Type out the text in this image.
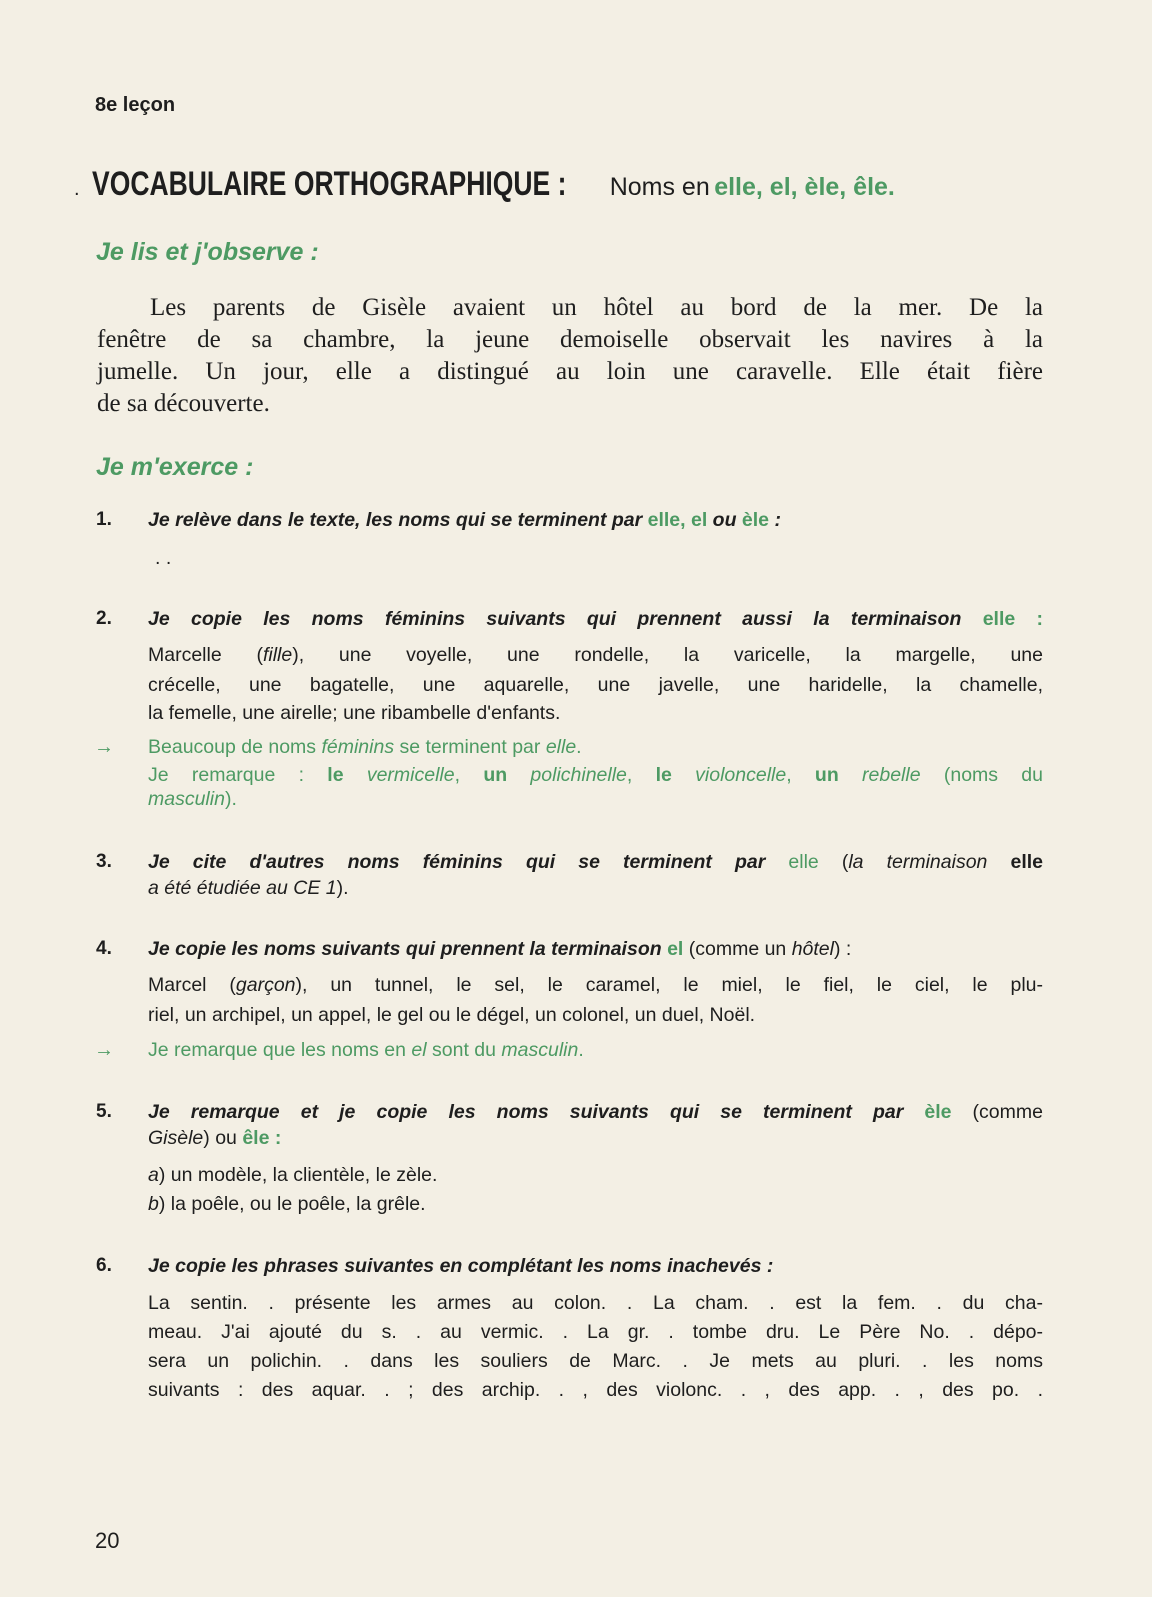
8e leçon
. VOCABULAIRE ORTHOGRAPHIQUE : Noms en elle, el, èle, êle.
Je lis et j'observe :
Les parents de Gisèle avaient un hôtel au bord de la mer. De la
fenêtre de sa chambre, la jeune demoiselle observait les navires à la
jumelle. Un jour, elle a distingué au loin une caravelle. Elle était fière
de sa découverte.
Je m'exerce :
1. Je relève dans le texte, les noms qui se terminent par elle, el ou èle :
. .
2. Je copie les noms féminins suivants qui prennent aussi la terminaison elle :
Marcelle (fille), une voyelle, une rondelle, la varicelle, la margelle, une
crécelle, une bagatelle, une aquarelle, une javelle, une haridelle, la chamelle,
la femelle, une airelle; une ribambelle d'enfants.
→ Beaucoup de noms féminins se terminent par elle.
Je remarque : le vermicelle, un polichinelle, le violoncelle, un rebelle (noms du
masculin).
3. Je cite d'autres noms féminins qui se terminent par elle (la terminaison elle
a été étudiée au CE 1).
4. Je copie les noms suivants qui prennent la terminaison el (comme un hôtel) :
Marcel (garçon), un tunnel, le sel, le caramel, le miel, le fiel, le ciel, le plu-
riel, un archipel, un appel, le gel ou le dégel, un colonel, un duel, Noël.
→ Je remarque que les noms en el sont du masculin.
5. Je remarque et je copie les noms suivants qui se terminent par èle (comme
Gisèle) ou êle :
a) un modèle, la clientèle, le zèle.
b) la poêle, ou le poêle, la grêle.
6. Je copie les phrases suivantes en complétant les noms inachevés :
La sentin. . présente les armes au colon. . La cham. . est la fem. . du cha-
meau. J'ai ajouté du s. . au vermic. . La gr. . tombe dru. Le Père No. . dépo-
sera un polichin. . dans les souliers de Marc. . Je mets au pluri. . les noms
suivants : des aquar. . ; des archip. . , des violonc. . , des app. . , des po. .
20
